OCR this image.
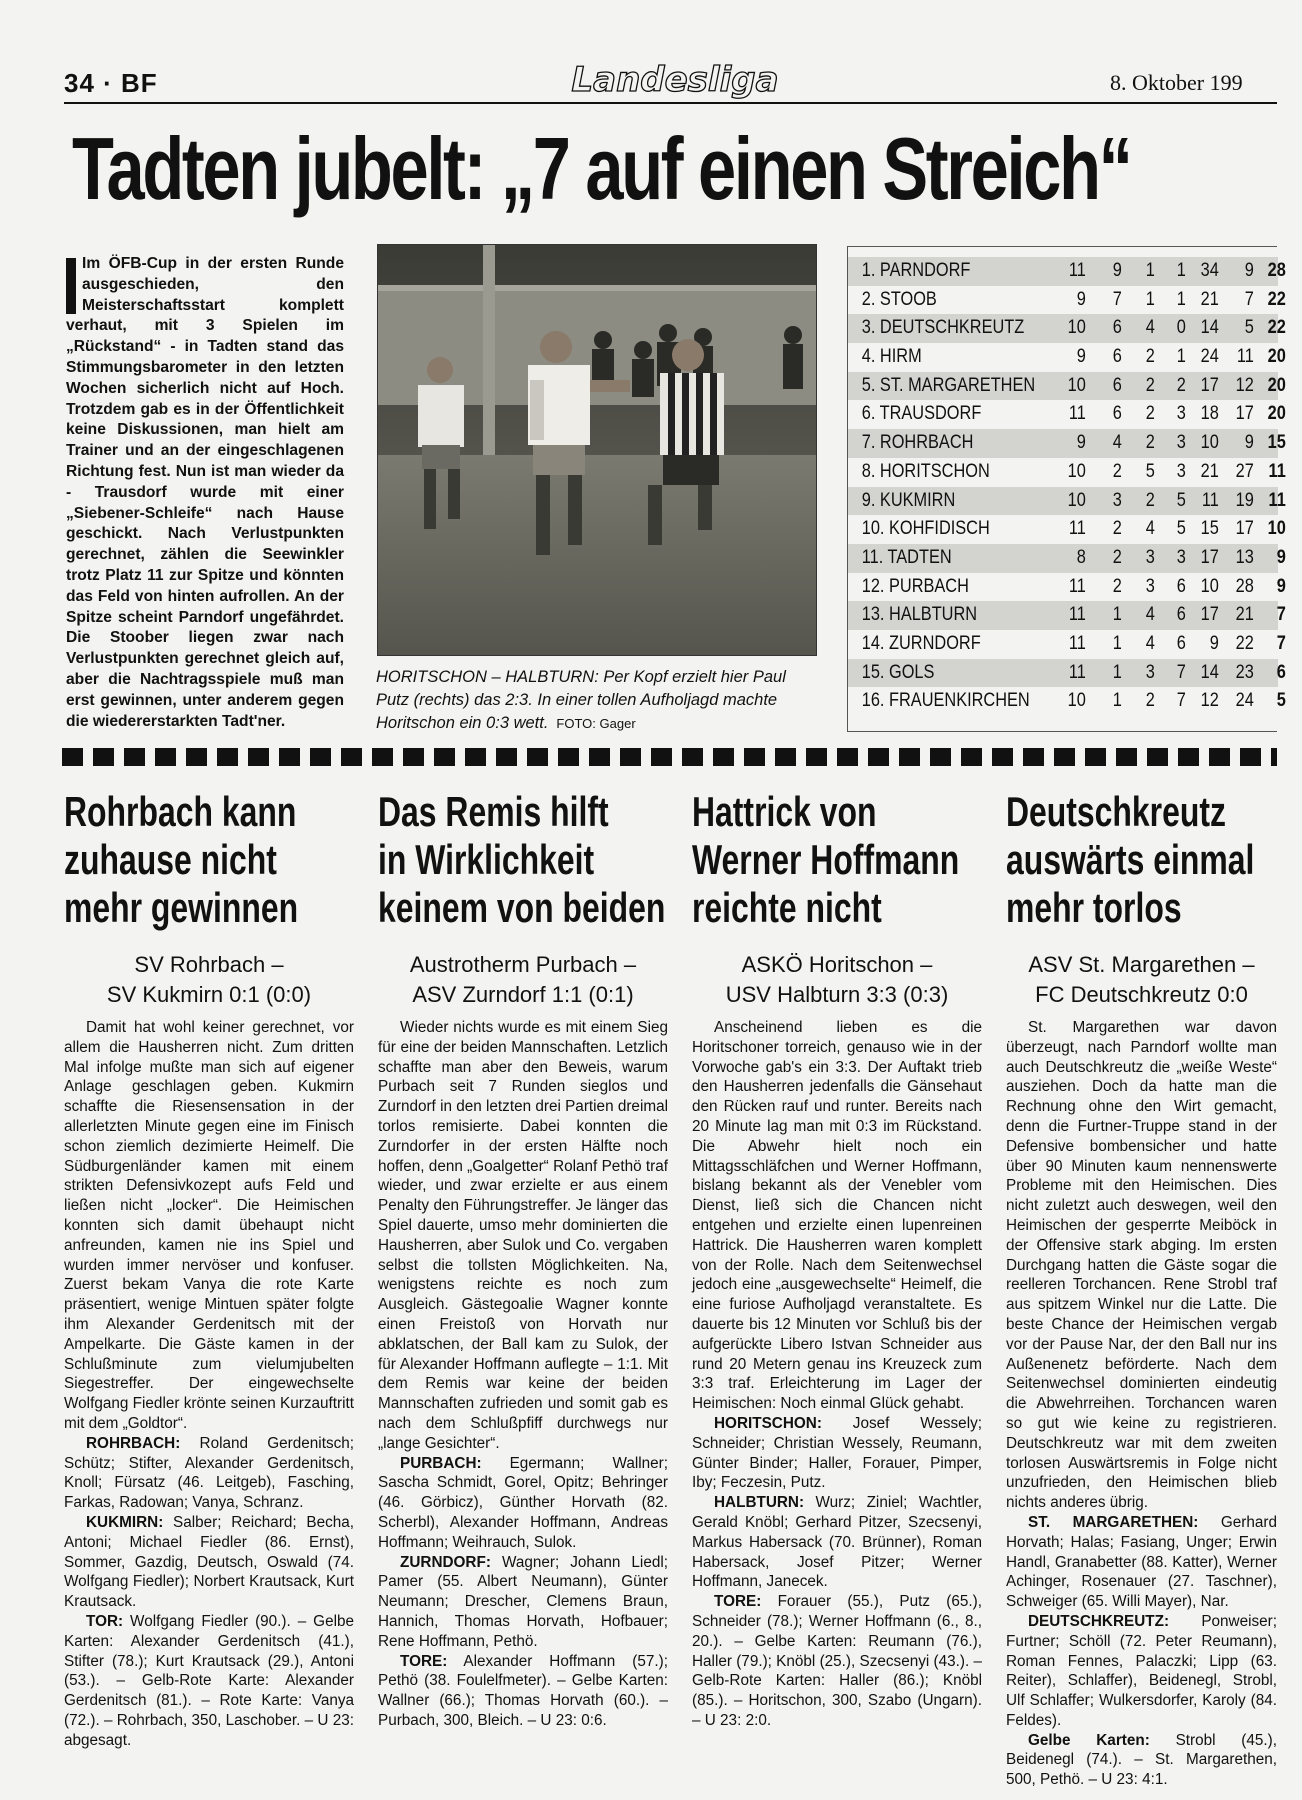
34 · BF	Landesliga	8. Oktober 199
Tadten jubelt: „7 auf einen Streich“
Im ÖFB-Cup in der ersten Runde ausgeschieden, den Meisterschaftsstart komplett verhaut, mit 3 Spielen im „Rückstand“ - in Tadten stand das Stimmungsbarometer in den letzten Wochen sicherlich nicht auf Hoch. Trotzdem gab es in der Öffentlichkeit keine Diskussionen, man hielt am Trainer und an der eingeschlagenen Richtung fest. Nun ist man wieder da - Trausdorf wurde mit einer „Siebener-Schleife“ nach Hause geschickt. Nach Verlustpunkten gerechnet, zählen die Seewinkler trotz Platz 11 zur Spitze und könnten das Feld von hinten aufrollen. An der Spitze scheint Parndorf ungefährdet. Die Stoober liegen zwar nach Verlustpunkten gerechnet gleich auf, aber die Nachtragsspiele muß man erst gewinnen, unter anderem gegen die wiedererstarkten Tadt'ner.
HORITSCHON – HALBTURN: Per Kopf erzielt hier Paul Putz (rechts) das 2:3. In einer tollen Aufholjagd machte Horitschon ein 0:3 wett. FOTO: Gager
1. PARNDORF	11	9	1	1 34	9 28
2. STOOB	9	7	1	1 21	7 22
3. DEUTSCHKREUTZ	10	6	4	0 14	5 22
4. HIRM	9	6	2	1 24 11 20
5. ST. MARGARETHEN	10	6	2	2 17 12 20
6. TRAUSDORF	11	6	2	3 18 17 20
7. ROHRBACH	9	4	2	3 10	9 15
8. HORITSCHON	10	2	5	3 21 27 11
9. KUKMIRN	10	3	2	5 11 19 11
10. KOHFIDISCH	11	2	4	5 15 17 10
11. TADTEN	8	2	3	3 17 13	9
12. PURBACH	11	2	3	6 10 28	9
13. HALBTURN	11	1	4	6 17 21	7
14. ZURNDORF	11	1	4	6	9 22	7
15. GOLS	11	1	3	7 14 23	6
16. FRAUENKIRCHEN	10	1	2	7 12 24	5
Rohrbach kann
zuhause nicht
mehr gewinnen
SV Rohrbach –
SV Kukmirn 0:1 (0:0)

Damit hat wohl keiner gerechnet, vor allem die Hausherren nicht. Zum dritten Mal infolge mußte man sich auf eigener Anlage geschlagen geben. Kukmirn schaffte die Riesensensation in der allerletzten Minute gegen eine im Finisch schon ziemlich dezimierte Heimelf. Die Südburgenländer kamen mit einem strikten Defensivkozept aufs Feld und ließen nicht „locker“. Die Heimischen konnten sich damit übehaupt nicht anfreunden, kamen nie ins Spiel und wurden immer nervöser und konfuser. Zuerst bekam Vanya die rote Karte präsentiert, wenige Mintuen später folgte ihm Alexander Gerdenitsch mit der Ampelkarte. Die Gäste kamen in der Schlußminute zum vielumjubelten Siegestreffer. Der eingewechselte Wolfgang Fiedler krönte seinen Kurzauftritt mit dem „Goldtor“.

ROHRBACH: Roland Gerdenitsch; Schütz; Stifter, Alexander Gerdenitsch, Knoll; Fürsatz (46. Leitgeb), Fasching, Farkas, Radowan; Vanya, Schranz.

KUKMIRN: Salber; Reichard; Becha, Antoni; Michael Fiedler (86. Ernst), Sommer, Gazdig, Deutsch, Oswald (74. Wolfgang Fiedler); Norbert Krautsack, Kurt Krautsack.

TOR: Wolfgang Fiedler (90.). – Gelbe Karten: Alexander Gerdenitsch (41.), Stifter (78.); Kurt Krautsack (29.), Antoni (53.). – Gelb-Rote Karte: Alexander Gerdenitsch (81.). – Rote Karte: Vanya (72.). – Rohrbach, 350, Laschober. – U 23: abgesagt.

Das Remis hilft
in Wirklichkeit
keinem von beiden
Austrotherm Purbach –
ASV Zurndorf 1:1 (0:1)

Wieder nichts wurde es mit einem Sieg für eine der beiden Mannschaften. Letzlich schaffte man aber den Beweis, warum Purbach seit 7 Runden sieglos und Zurndorf in den letzten drei Partien dreimal torlos remisierte. Dabei konnten die Zurndorfer in der ersten Hälfte noch hoffen, denn „Goalgetter“ Rolanf Pethö traf wieder, und zwar erzielte er aus einem Penalty den Führungstreffer. Je länger das Spiel dauerte, umso mehr dominierten die Hausherren, aber Sulok und Co. vergaben selbst die tollsten Möglichkeiten. Na, wenigstens reichte es noch zum Ausgleich. Gästegoalie Wagner konnte einen Freistoß von Horvath nur abklatschen, der Ball kam zu Sulok, der für Alexander Hoffmann auflegte – 1:1. Mit dem Remis war keine der beiden Mannschaften zufrieden und somit gab es nach dem Schlußpfiff durchwegs nur „lange Gesichter“.

PURBACH: Egermann; Wallner; Sascha Schmidt, Gorel, Opitz; Behringer (46. Görbicz), Günther Horvath (82. Scherbl), Alexander Hoffmann, Andreas Hoffmann; Weihrauch, Sulok.

ZURNDORF: Wagner; Johann Liedl; Pamer (55. Albert Neumann), Günter Neumann; Drescher, Clemens Braun, Hannich, Thomas Horvath, Hofbauer; Rene Hoffmann, Pethö.

TORE: Alexander Hoffmann (57.); Pethö (38. Foulelfmeter). – Gelbe Karten: Wallner (66.); Thomas Horvath (60.). – Purbach, 300, Bleich. – U 23: 0:6.

Hattrick von
Werner Hoffmann
reichte nicht
ASKÖ Horitschon –
USV Halbturn 3:3 (0:3)

Anscheinend lieben es die Horitschoner torreich, genauso wie in der Vorwoche gab's ein 3:3. Der Auftakt trieb den Hausherren jedenfalls die Gänsehaut den Rücken rauf und runter. Bereits nach 20 Minute lag man mit 0:3 im Rückstand. Die Abwehr hielt noch ein Mittagsschläfchen und Werner Hoffmann, bislang bekannt als der Venebler vom Dienst, ließ sich die Chancen nicht entgehen und erzielte einen lupenreinen Hattrick. Die Hausherren waren komplett von der Rolle. Nach dem Seitenwechsel jedoch eine „ausgewechselte“ Heimelf, die eine furiose Aufholjagd veranstaltete. Es dauerte bis 12 Minuten vor Schluß bis der aufgerückte Libero Istvan Schneider aus rund 20 Metern genau ins Kreuzeck zum 3:3 traf. Erleichterung im Lager der Heimischen: Noch einmal Glück gehabt.

HORITSCHON: Josef Wessely; Schneider; Christian Wessely, Reumann, Günter Binder; Haller, Forauer, Pimper, Iby; Feczesin, Putz.

HALBTURN: Wurz; Ziniel; Wachtler, Gerald Knöbl; Gerhard Pitzer, Szecsenyi, Markus Habersack (70. Brünner), Roman Habersack, Josef Pitzer; Werner Hoffmann, Janecek.

TORE: Forauer (55.), Putz (65.), Schneider (78.); Werner Hoffmann (6., 8., 20.). – Gelbe Karten: Reumann (76.), Haller (79.); Knöbl (25.), Szecsenyi (43.). – Gelb-Rote Karten: Haller (86.); Knöbl (85.). – Horitschon, 300, Szabo (Ungarn). – U 23: 2:0.

Deutschkreutz
auswärts einmal
mehr torlos
ASV St. Margarethen –
FC Deutschkreutz 0:0

St. Margarethen war davon überzeugt, nach Parndorf wollte man auch Deutschkreutz die „weiße Weste“ ausziehen. Doch da hatte man die Rechnung ohne den Wirt gemacht, denn die Furtner-Truppe stand in der Defensive bombensicher und hatte über 90 Minuten kaum nennenswerte Probleme mit den Heimischen. Dies nicht zuletzt auch deswegen, weil den Heimischen der gesperrte Meiböck in der Offensive stark abging. Im ersten Durchgang hatten die Gäste sogar die reelleren Torchancen. Rene Strobl traf aus spitzem Winkel nur die Latte. Die beste Chance der Heimischen vergab vor der Pause Nar, der den Ball nur ins Außenenetz beförderte. Nach dem Seitenwechsel dominierten eindeutig die Abwehrreihen. Torchancen waren so gut wie keine zu registrieren. Deutschkreutz war mit dem zweiten torlosen Auswärtsremis in Folge nicht unzufrieden, den Heimischen blieb nichts anderes übrig.

ST. MARGARETHEN: Gerhard Horvath; Halas; Fasiang, Unger; Erwin Handl, Granabetter (88. Katter), Werner Achinger, Rosenauer (27. Taschner), Schweiger (65. Willi Mayer), Nar.

DEUTSCHKREUTZ: Ponweiser; Furtner; Schöll (72. Peter Reumann), Roman Fennes, Palaczki; Lipp (63. Reiter), Schlaffer), Beidenegl, Strobl, Ulf Schlaffer; Wulkersdorfer, Karoly (84. Feldes).

Gelbe Karten: Strobl (45.), Beidenegl (74.). – St. Margarethen, 500, Pethö. – U 23: 4:1.
